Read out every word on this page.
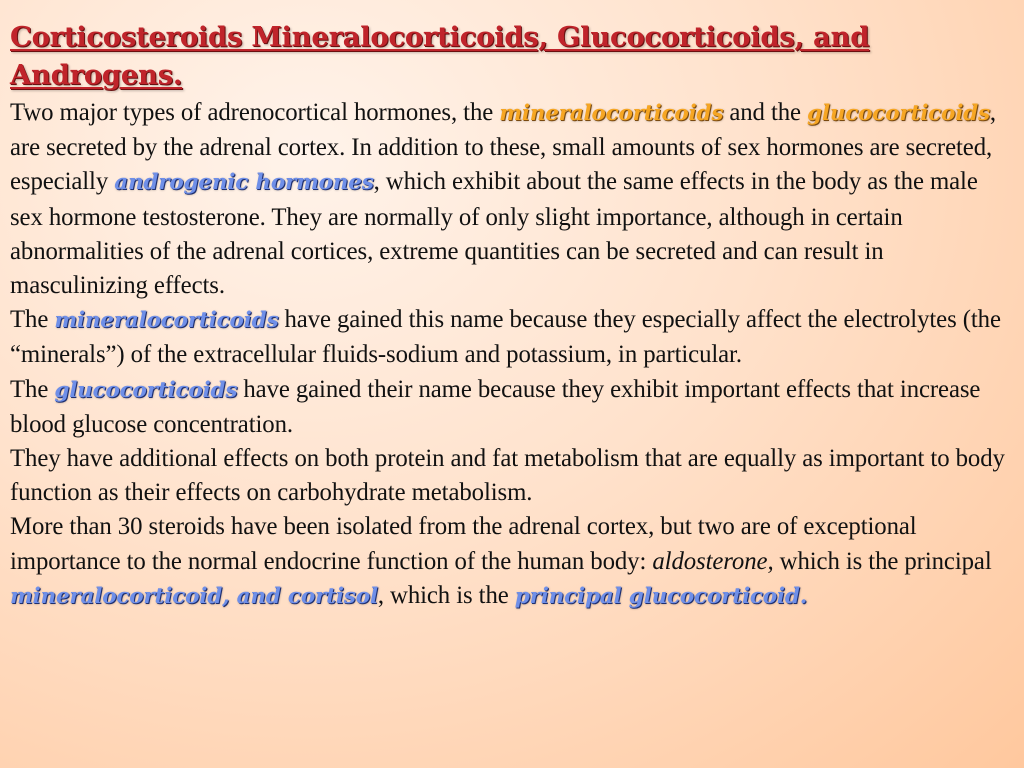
Corticosteroids Mineralocorticoids, Glucocorticoids, and
Androgens.

Two major types of adrenocortical hormones, the mineralocorticoids and the glucocorticoids, are secreted by the adrenal cortex. In addition to these, small amounts of sex hormones are secreted, especially androgenic hormones, which exhibit about the same effects in the body as the male sex hormone testosterone. They are normally of only slight importance, although in certain abnormalities of the adrenal cortices, extreme quantities can be secreted and can result in masculinizing effects.

The mineralocorticoids have gained this name because they especially affect the electrolytes (the “minerals”) of the extracellular fluids-sodium and potassium, in particular.

The glucocorticoids have gained their name because they exhibit important effects that increase blood glucose concentration.

They have additional effects on both protein and fat metabolism that are equally as important to body function as their effects on carbohydrate metabolism.

More than 30 steroids have been isolated from the adrenal cortex, but two are of exceptional importance to the normal endocrine function of the human body: aldosterone, which is the principal mineralocorticoid, and cortisol, which is the principal glucocorticoid.
